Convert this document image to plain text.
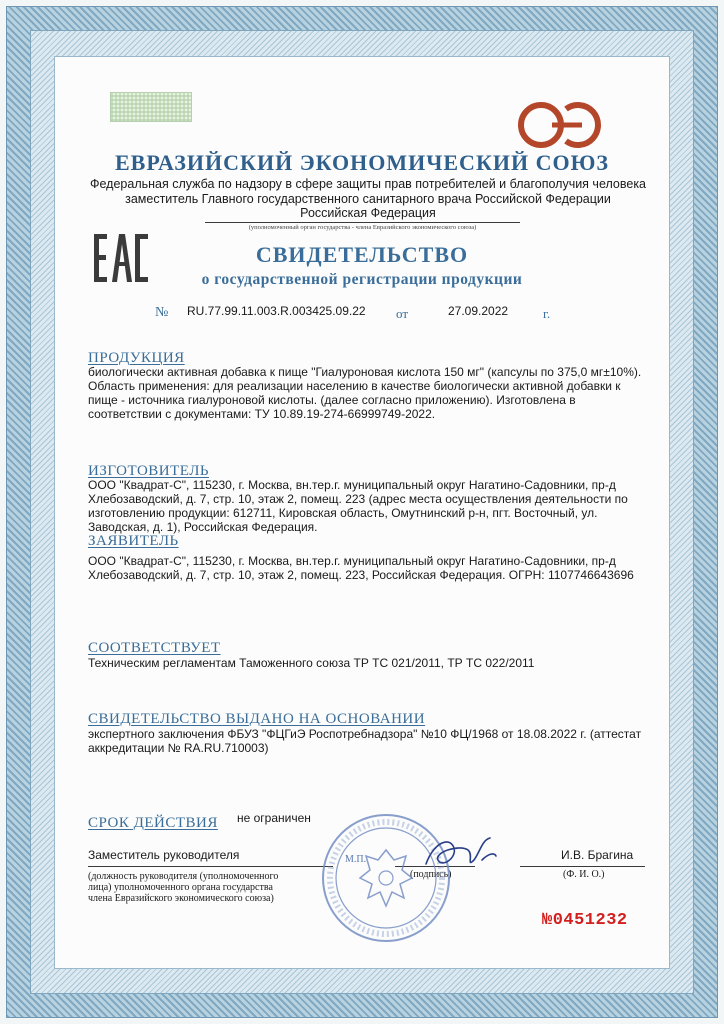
ЕВРАЗИЙСКИЙ ЭКОНОМИЧЕСКИЙ СОЮЗ
Федеральная служба по надзору в сфере защиты прав потребителей и благополучия человека
заместитель Главного государственного санитарного врача Российской Федерации
Российская Федерация
(уполномоченный орган государства - члена Евразийского экономического союза)
СВИДЕТЕЛЬСТВО
о государственной регистрации продукции
№ RU.77.99.11.003.R.003425.09.22 от	27.09.2022	г.
ПРОДУКЦИЯ
биологически активная добавка к пище "Гиалуроновая кислота 150 мг" (капсулы по 375,0 мг±10%). Область применения: для реализации населению в качестве биологически активной добавки к пище - источника гиалуроновой кислоты. (далее согласно приложению). Изготовлена в соответствии с документами: ТУ 10.89.19-274-66999749-2022.
ИЗГОТОВИТЕЛЬ
ООО "Квадрат-С", 115230, г. Москва, вн.тер.г. муниципальный округ Нагатино-Садовники, пр-д Хлебозаводский, д. 7, стр. 10, этаж 2, помещ. 223 (адрес места осуществления деятельности по изготовлению продукции: 612711, Кировская область, Омутнинский р-н, пгт. Восточный, ул. Заводская, д. 1), Российская Федерация.
ЗАЯВИТЕЛЬ
ООО "Квадрат-С", 115230, г. Москва, вн.тер.г. муниципальный округ Нагатино-Садовники, пр-д Хлебозаводский, д. 7, стр. 10, этаж 2, помещ. 223, Российская Федерация. ОГРН: 1107746643696
СООТВЕТСТВУЕТ
Техническим регламентам Таможенного союза ТР ТС 021/2011, ТР ТС 022/2011
СВИДЕТЕЛЬСТВО ВЫДАНО НА ОСНОВАНИИ
экспертного заключения ФБУЗ "ФЦГиЭ Роспотребнадзора" №10 ФЦ/1968 от 18.08.2022 г. (аттестат аккредитации № RA.RU.710003)
СРОК ДЕЙСТВИЯ не ограничен
Заместитель руководителя	И.В. Брагина
(должность руководителя (уполномоченного
лица) уполномоченного органа государства
члена Евразийского экономического союза)
(подпись)	(Ф. И. О.)
М.П.
№0451232
